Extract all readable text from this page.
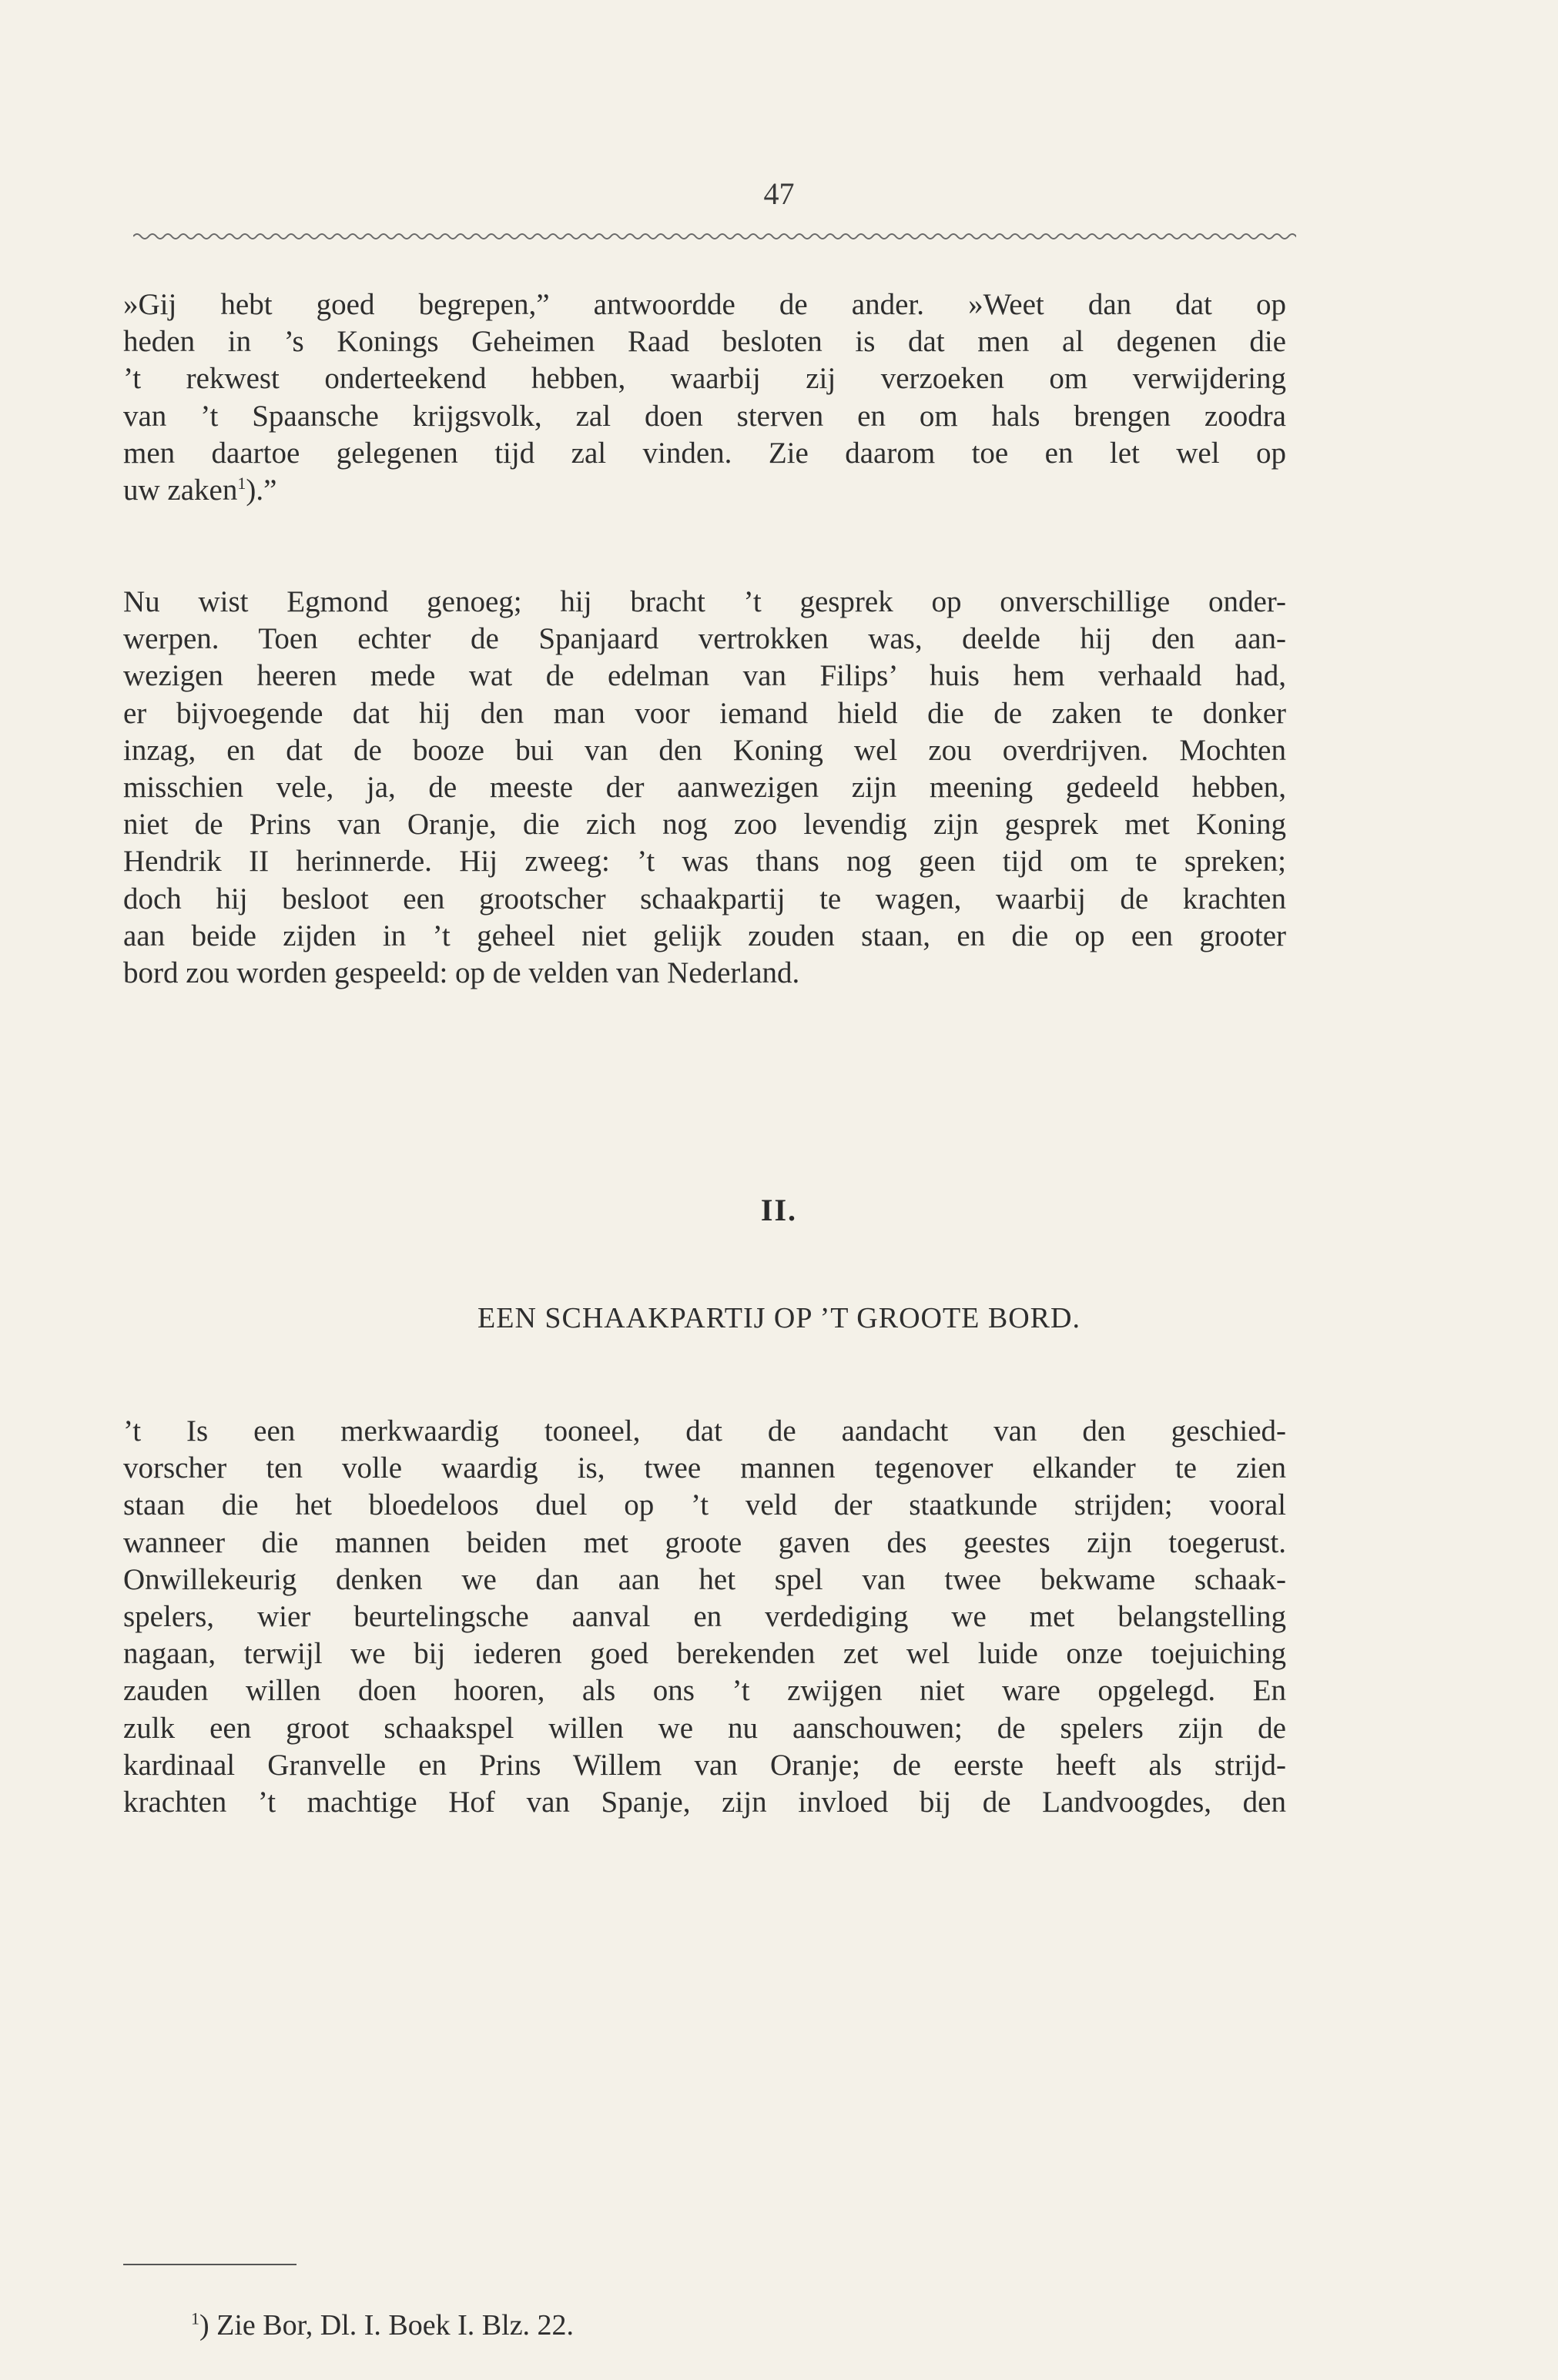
47
»Gij hebt goed begrepen,” antwoordde de ander. »Weet dan dat op
heden in ’s Konings Geheimen Raad besloten is dat men al degenen die
’t rekwest onderteekend hebben, waarbij zij verzoeken om verwijdering
van ’t Spaansche krijgsvolk, zal doen sterven en om hals brengen zoodra
men daartoe gelegenen tijd zal vinden. Zie daarom toe en let wel op
uw zaken$^1$).”
Nu wist Egmond genoeg; hij bracht ’t gesprek op onverschillige onder-
werpen. Toen echter de Spanjaard vertrokken was, deelde hij den aan-
wezigen heeren mede wat de edelman van Filips’ huis hem verhaald had,
er bijvoegende dat hij den man voor iemand hield die de zaken te donker
inzag, en dat de booze bui van den Koning wel zou overdrijven. Mochten
misschien vele, ja, de meeste der aanwezigen zijn meening gedeeld hebben,
niet de Prins van Oranje, die zich nog zoo levendig zijn gesprek met Koning
Hendrik II herinnerde. Hij zweeg: ’t was thans nog geen tijd om te spreken;
doch hij besloot een grootscher schaakpartij te wagen, waarbij de krachten
aan beide zijden in ’t geheel niet gelijk zouden staan, en die op een grooter
bord zou worden gespeeld: op de velden van Nederland.
II.
EEN SCHAAKPARTIJ OP ’T GROOTE BORD.
’t Is een merkwaardig tooneel, dat de aandacht van den geschied-
vorscher ten volle waardig is, twee mannen tegenover elkander te zien
staan die het bloedeloos duel op ’t veld der staatkunde strijden; vooral
wanneer die mannen beiden met groote gaven des geestes zijn toegerust.
Onwillekeurig denken we dan aan het spel van twee bekwame schaak-
spelers, wier beurtelingsche aanval en verdediging we met belangstelling
nagaan, terwijl we bij iederen goed berekenden zet wel luide onze toejuiching
zauden willen doen hooren, als ons ’t zwijgen niet ware opgelegd. En
zulk een groot schaakspel willen we nu aanschouwen; de spelers zijn de
kardinaal Granvelle en Prins Willem van Oranje; de eerste heeft als strijd-
krachten ’t machtige Hof van Spanje, zijn invloed bij de Landvoogdes, den
$^1$) Zie Bor, Dl. I. Boek I. Blz. 22.
